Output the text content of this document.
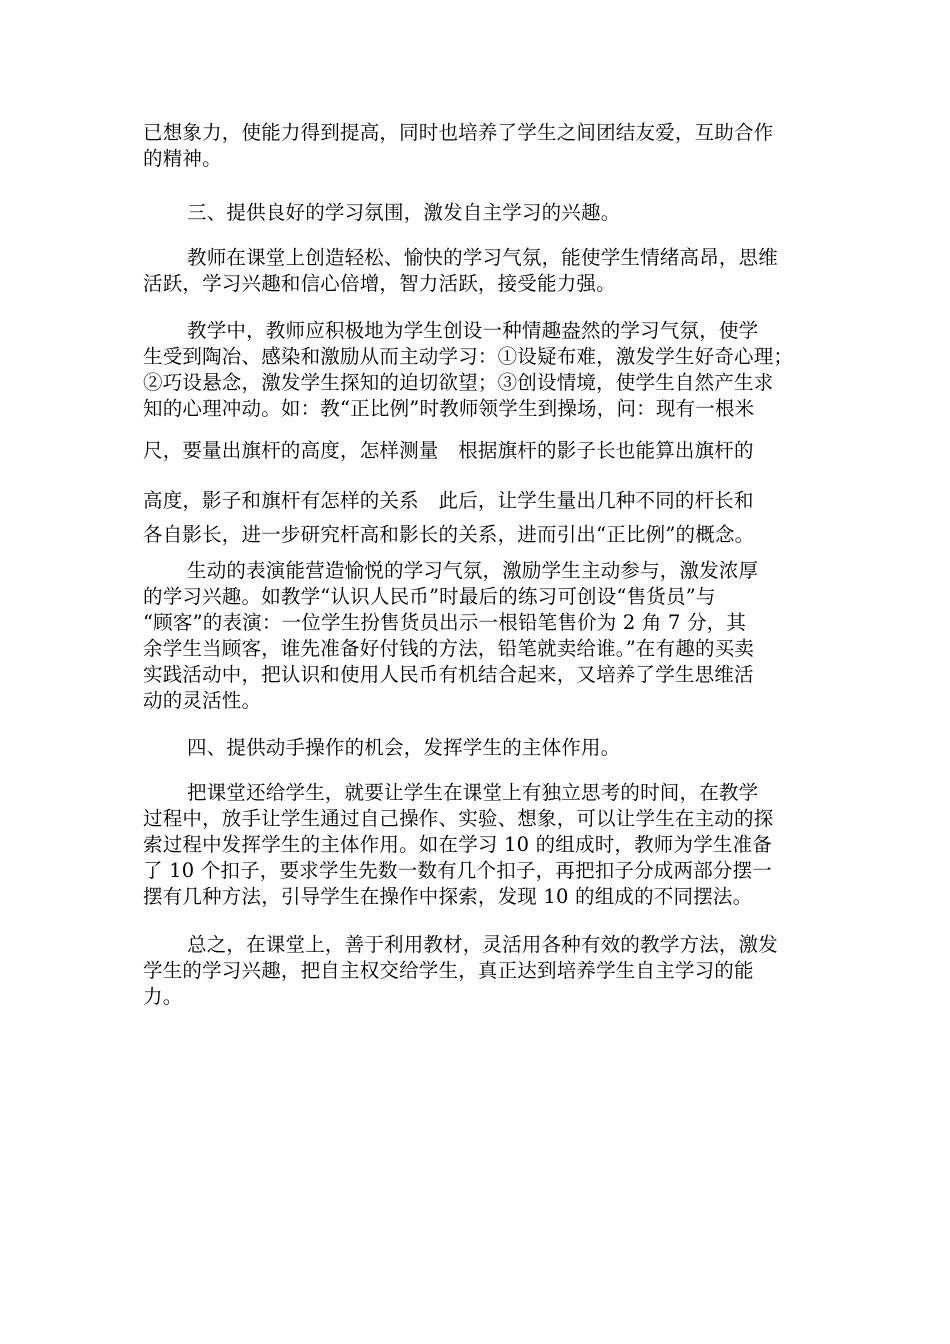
已想象力，使能力得到提高，同时也培养了学生之间团结友爱，互助合作
的精神。
三、提供良好的学习氛围，激发自主学习的兴趣。
教师在课堂上创造轻松、愉快的学习气氛，能使学生情绪高昂，思维
活跃，学习兴趣和信心倍增，智力活跃，接受能力强。
教学中，教师应积极地为学生创设一种情趣盎然的学习气氛，使学
生受到陶冶、感染和激励从而主动学习：①设疑布难，激发学生好奇心理；
②巧设悬念，激发学生探知的迫切欲望；③创设情境，使学生自然产生求
知的心理冲动。如：教“正比例”时教师领学生到操场，问：现有一根米
尺，要量出旗杆的高度，怎样测量　根据旗杆的影子长也能算出旗杆的
高度，影子和旗杆有怎样的关系　此后，让学生量出几种不同的杆长和
各自影长，进一步研究杆高和影长的关系，进而引出“正比例”的概念。
生动的表演能营造愉悦的学习气氛，激励学生主动参与，激发浓厚
的学习兴趣。如教学“认识人民币”时最后的练习可创设“售货员”与
“顾客”的表演：一位学生扮售货员出示一根铅笔售价为 2 角 7 分，其
余学生当顾客，谁先准备好付钱的方法，铅笔就卖给谁。”在有趣的买卖
实践活动中，把认识和使用人民币有机结合起来，又培养了学生思维活
动的灵活性。
四、提供动手操作的机会，发挥学生的主体作用。
把课堂还给学生，就要让学生在课堂上有独立思考的时间，在教学
过程中，放手让学生通过自己操作、实验、想象，可以让学生在主动的探
索过程中发挥学生的主体作用。如在学习 10 的组成时，教师为学生准备
了 10 个扣子，要求学生先数一数有几个扣子，再把扣子分成两部分摆一
摆有几种方法，引导学生在操作中探索，发现 10 的组成的不同摆法。
总之，在课堂上，善于利用教材，灵活用各种有效的教学方法，激发
学生的学习兴趣，把自主权交给学生，真正达到培养学生自主学习的能
力。
